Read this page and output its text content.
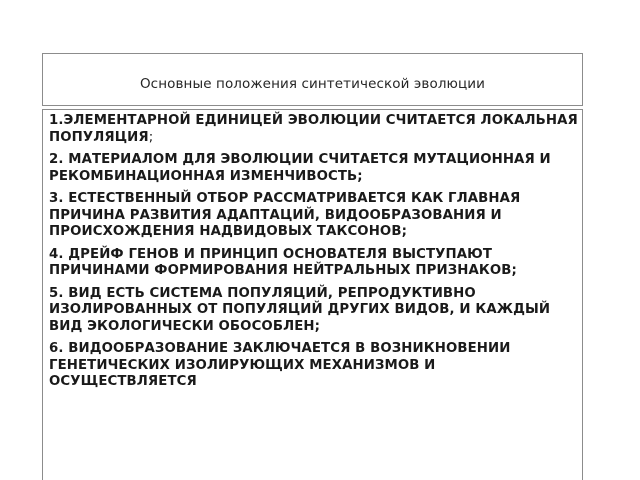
Основные положения синтетической эволюции

1.ЭЛЕМЕНТАРНОЙ ЕДИНИЦЕЙ ЭВОЛЮЦИИ СЧИТАЕТСЯ ЛОКАЛЬНАЯ ПОПУЛЯЦИЯ;

2. МАТЕРИАЛОМ ДЛЯ ЭВОЛЮЦИИ СЧИТАЕТСЯ МУТАЦИОННАЯ И РЕКОМБИНАЦИОННАЯ ИЗМЕНЧИВОСТЬ;

3. ЕСТЕСТВЕННЫЙ ОТБОР РАССМАТРИВАЕТСЯ КАК ГЛАВНАЯ ПРИЧИНА РАЗВИТИЯ АДАПТАЦИЙ, ВИДООБРАЗОВАНИЯ И ПРОИСХОЖДЕНИЯ НАДВИДОВЫХ ТАКСОНОВ;

4. ДРЕЙФ ГЕНОВ И ПРИНЦИП ОСНОВАТЕЛЯ ВЫСТУПАЮТ ПРИЧИНАМИ ФОРМИРОВАНИЯ НЕЙТРАЛЬНЫХ ПРИЗНАКОВ;

5. ВИД ЕСТЬ СИСТЕМА ПОПУЛЯЦИЙ, РЕПРОДУКТИВНО ИЗОЛИРОВАННЫХ ОТ ПОПУЛЯЦИЙ ДРУГИХ ВИДОВ, И КАЖДЫЙ ВИД ЭКОЛОГИЧЕСКИ ОБОСОБЛЕН;

6. ВИДООБРАЗОВАНИЕ ЗАКЛЮЧАЕТСЯ В ВОЗНИКНОВЕНИИ ГЕНЕТИЧЕСКИХ ИЗОЛИРУЮЩИХ МЕХАНИЗМОВ И ОСУЩЕСТВЛЯЕТСЯ
